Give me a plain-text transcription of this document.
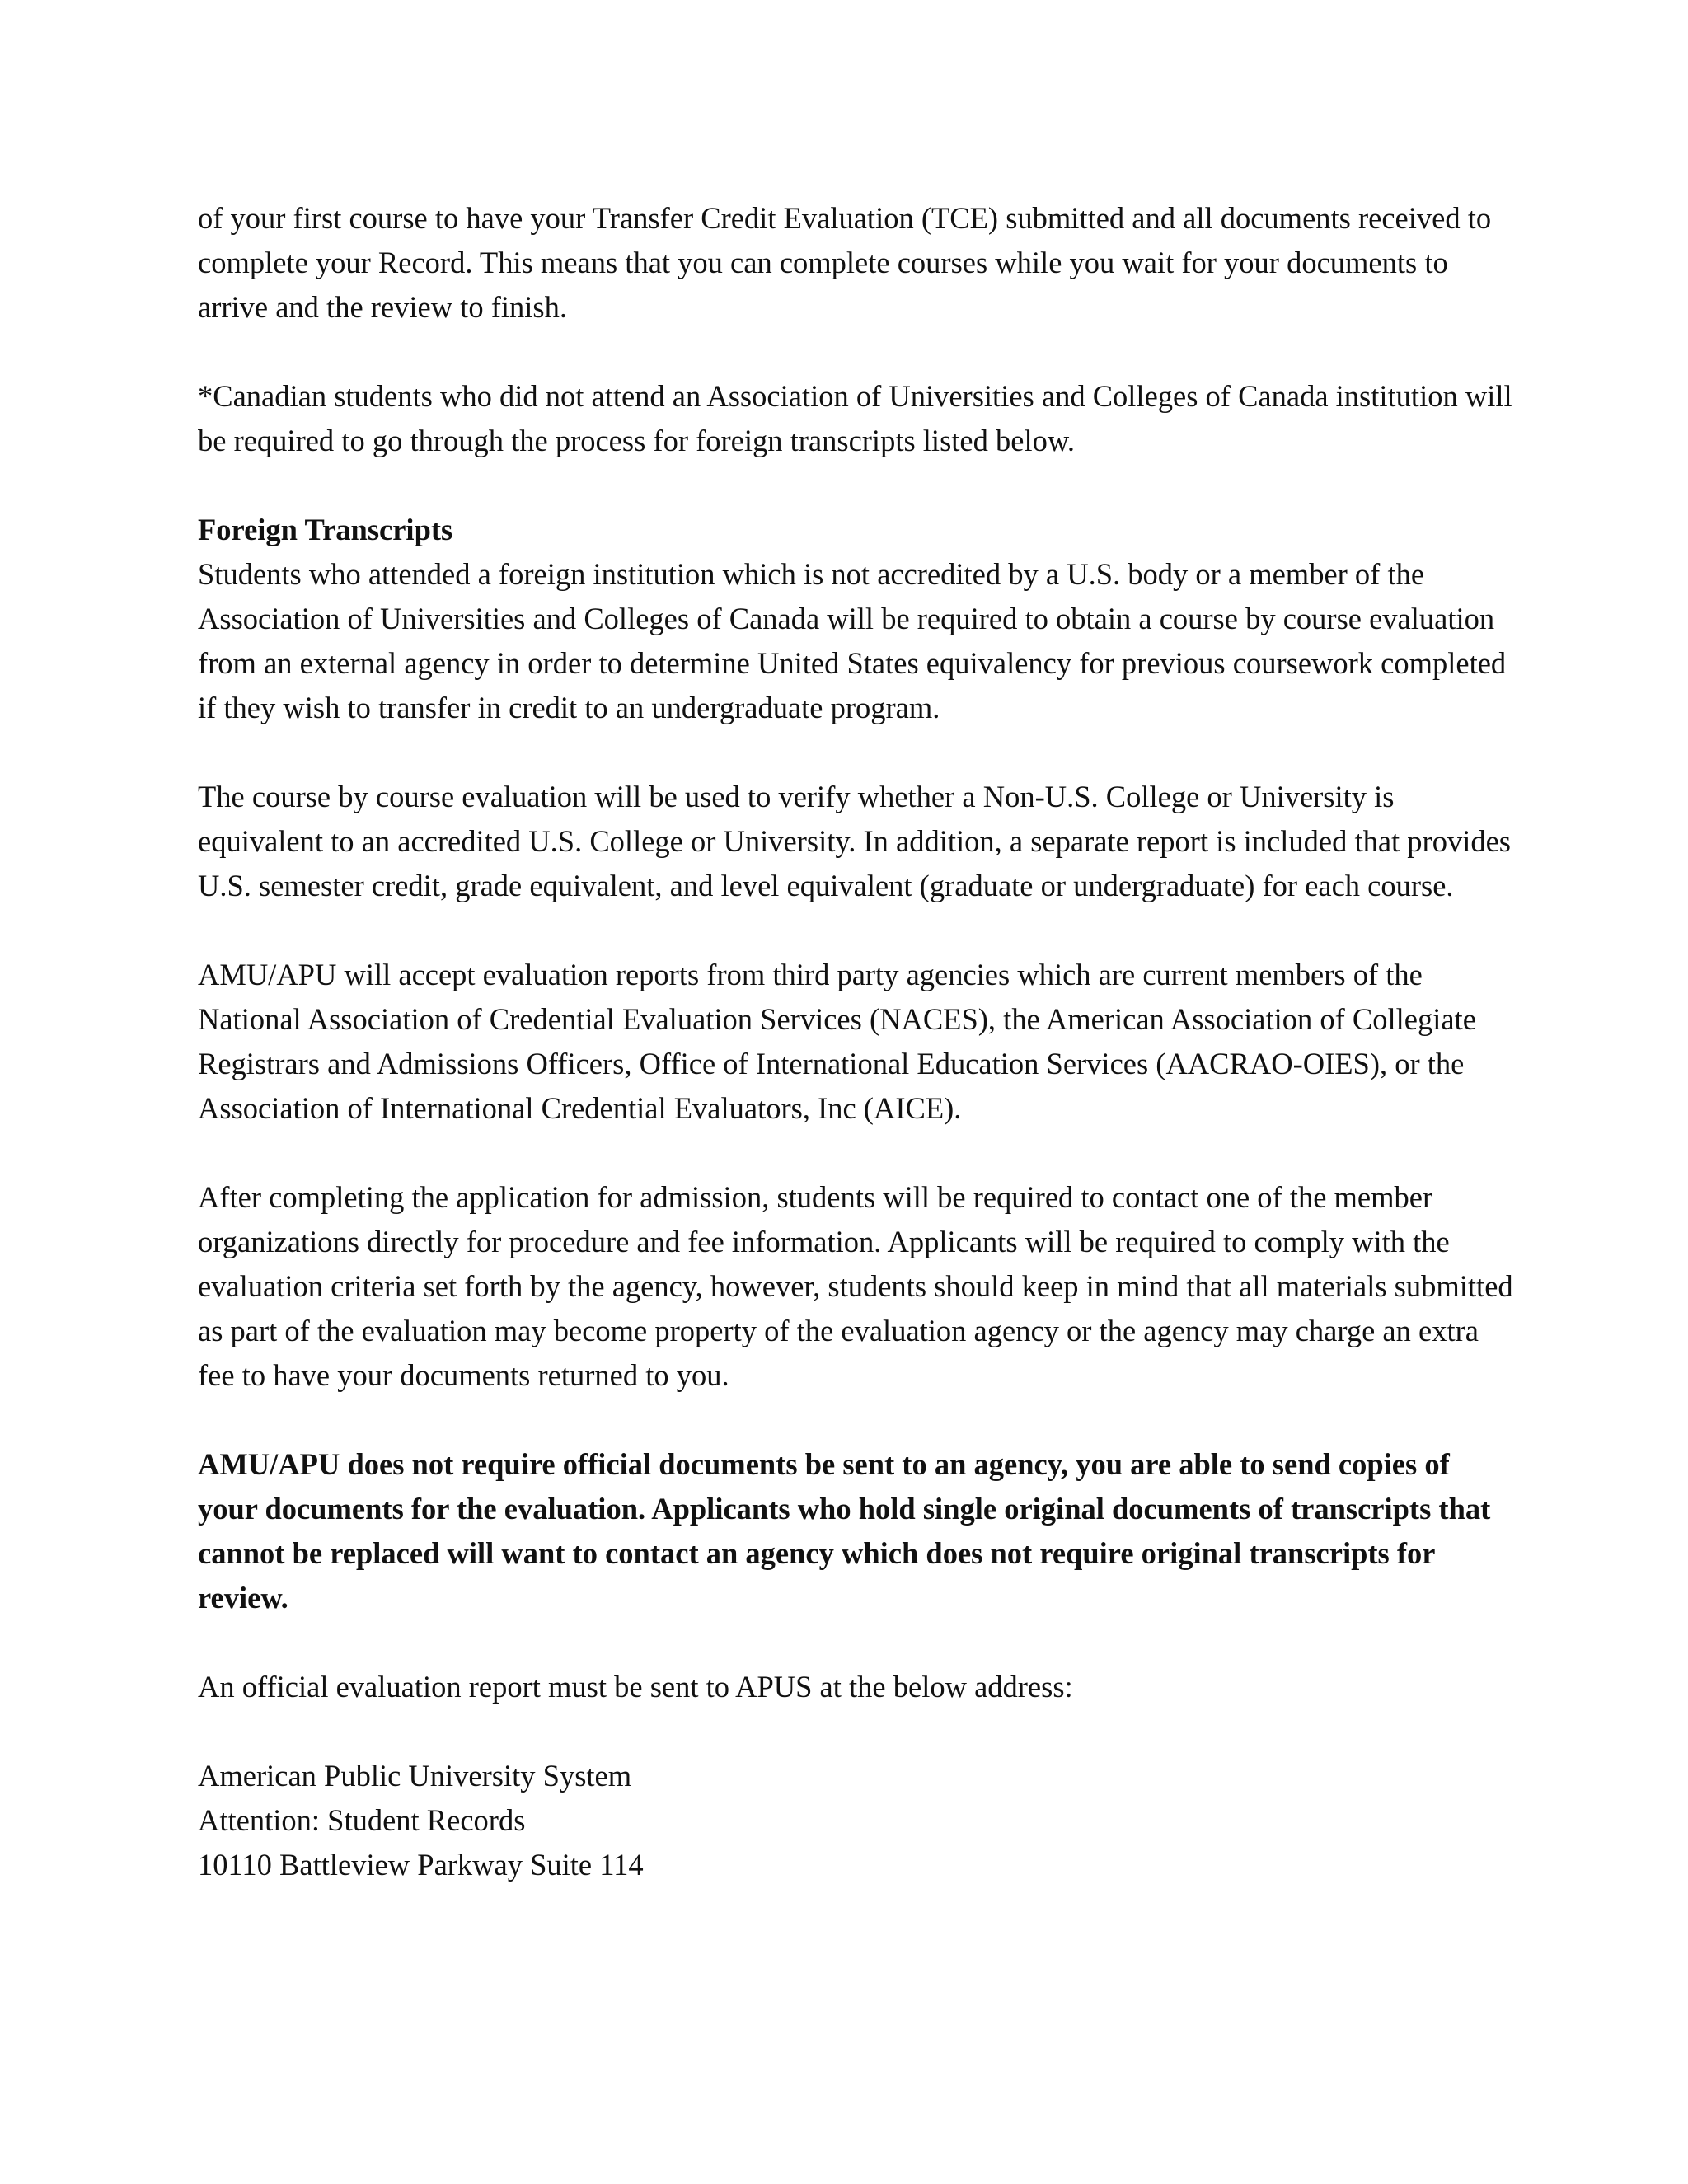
of your first course to have your Transfer Credit Evaluation (TCE) submitted and all documents received to complete your Record. This means that you can complete courses while you wait for your documents to arrive and the review to finish.

*Canadian students who did not attend an Association of Universities and Colleges of Canada institution will be required to go through the process for foreign transcripts listed below.

Foreign Transcripts
Students who attended a foreign institution which is not accredited by a U.S. body or a member of the Association of Universities and Colleges of Canada will be required to obtain a course by course evaluation from an external agency in order to determine United States equivalency for previous coursework completed if they wish to transfer in credit to an undergraduate program.

The course by course evaluation will be used to verify whether a Non-U.S. College or University is equivalent to an accredited U.S. College or University. In addition, a separate report is included that provides U.S. semester credit, grade equivalent, and level equivalent (graduate or undergraduate) for each course.

AMU/APU will accept evaluation reports from third party agencies which are current members of the National Association of Credential Evaluation Services (NACES), the American Association of Collegiate Registrars and Admissions Officers, Office of International Education Services (AACRAO-OIES), or the Association of International Credential Evaluators, Inc (AICE).

After completing the application for admission, students will be required to contact one of the member organizations directly for procedure and fee information. Applicants will be required to comply with the evaluation criteria set forth by the agency, however, students should keep in mind that all materials submitted as part of the evaluation may become property of the evaluation agency or the agency may charge an extra fee to have your documents returned to you.

AMU/APU does not require official documents be sent to an agency, you are able to send copies of your documents for the evaluation. Applicants who hold single original documents of transcripts that cannot be replaced will want to contact an agency which does not require original transcripts for review.

An official evaluation report must be sent to APUS at the below address:

American Public University System
Attention: Student Records
10110 Battleview Parkway Suite 114
